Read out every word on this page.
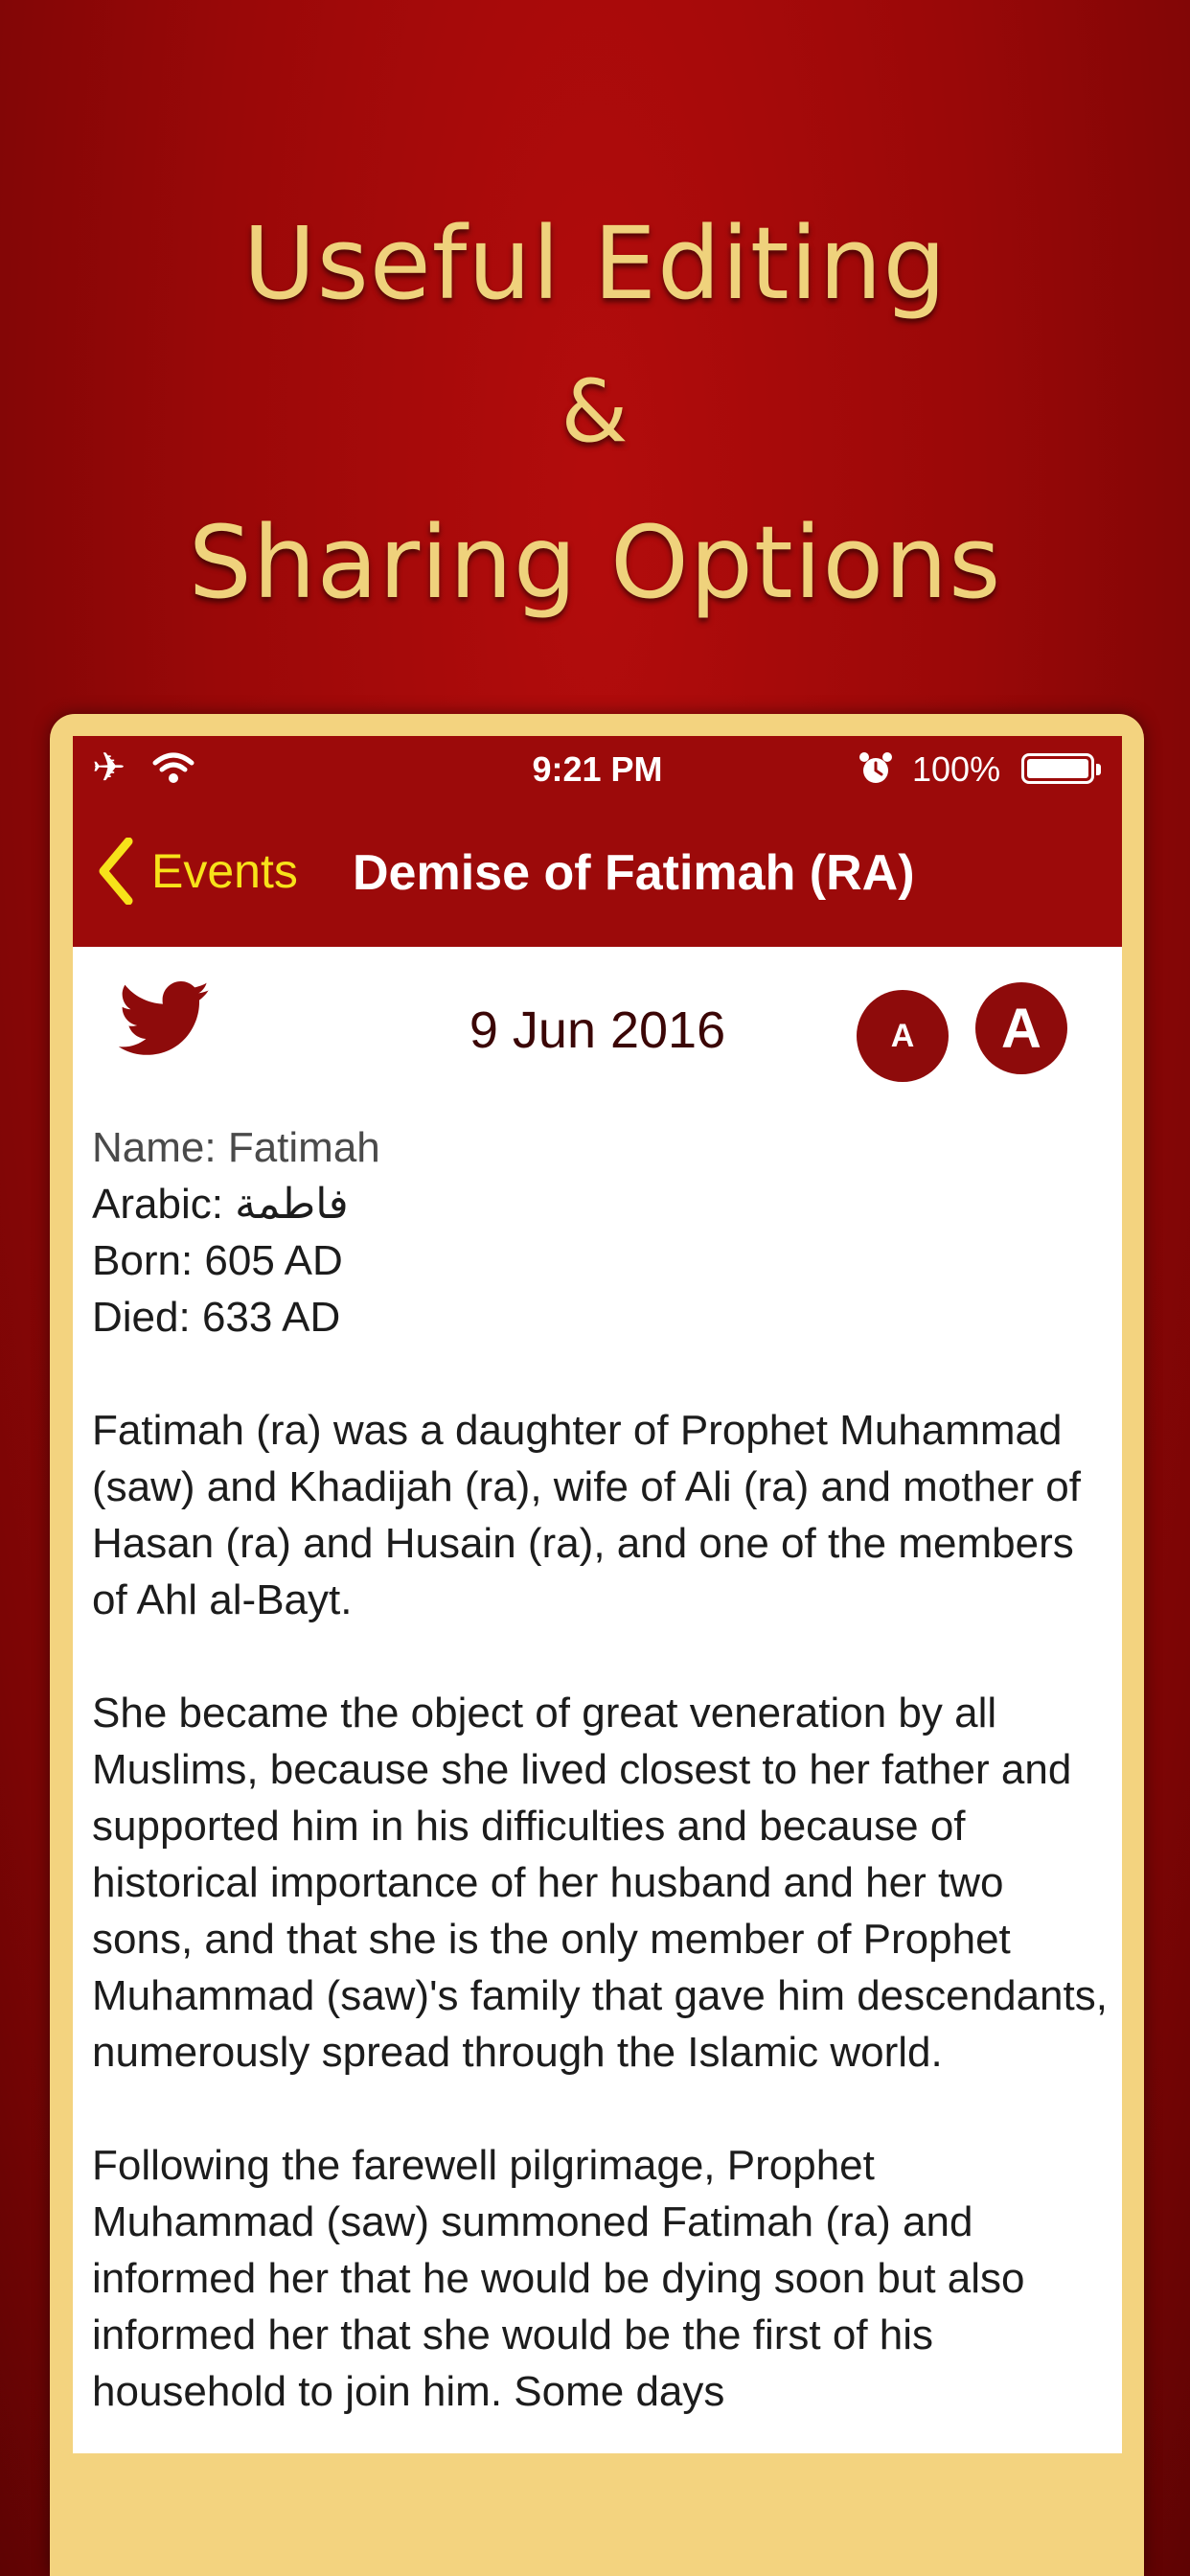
Useful Editing
&
Sharing Options
✈	9:21 PM	100%
Events Demise of Fatimah (RA)
9 Jun 2016	A	A
Name: Fatimah
Arabic: فاطمة
Born: 605 AD
Died: 633 AD

Fatimah (ra) was a daughter of Prophet Muhammad (saw) and Khadijah (ra), wife of Ali (ra) and mother of Hasan (ra) and Husain (ra), and one of the members of Ahl al-Bayt.

She became the object of great veneration by all Muslims, because she lived closest to her father and supported him in his difficulties and because of historical importance of her husband and her two sons, and that she is the only member of Prophet Muhammad (saw)'s family that gave him descendants, numerously spread through the Islamic world.

Following the farewell pilgrimage, Prophet Muhammad (saw) summoned Fatimah (ra) and informed her that he would be dying soon but also informed her that she would be the first of his household to join him. Some days
